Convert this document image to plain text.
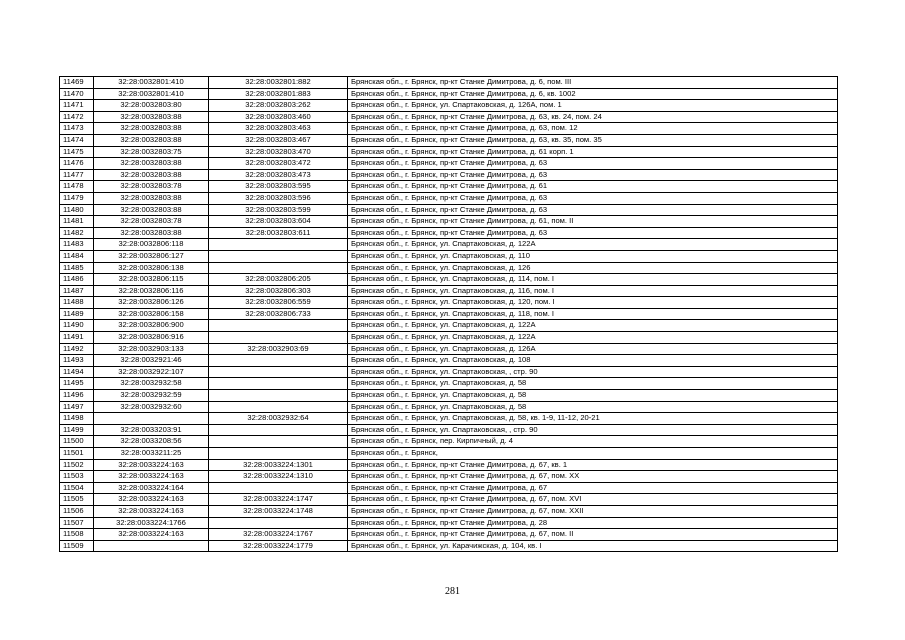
11469	32:28:0032801:410	32:28:0032801:882	Брянская обл., г. Брянск, пр-кт Станке Димитрова, д. 6, пом. III
11470	32:28:0032801:410	32:28:0032801:883	Брянская обл., г. Брянск, пр-кт Станке Димитрова, д. 6, кв. 1002
11471	32:28:0032803:80	32:28:0032803:262	Брянская обл., г. Брянск, ул. Спартаковская, д. 126А, пом. 1
11472	32:28:0032803:88	32:28:0032803:460	Брянская обл., г. Брянск, пр-кт Станке Димитрова, д. 63, кв. 24, пом. 24
11473	32:28:0032803:88	32:28:0032803:463	Брянская обл., г. Брянск, пр-кт Станке Димитрова, д. 63, пом. 12
11474	32:28:0032803:88	32:28:0032803:467	Брянская обл., г. Брянск, пр-кт Станке Димитрова, д. 63, кв. 35, пом. 35
11475	32:28:0032803:75	32:28:0032803:470	Брянская обл., г. Брянск, пр-кт Станке Димитрова, д. 61 корп. 1
11476	32:28:0032803:88	32:28:0032803:472	Брянская обл., г. Брянск, пр-кт Станке Димитрова, д. 63
11477	32:28:0032803:88	32:28:0032803:473	Брянская обл., г. Брянск, пр-кт Станке Димитрова, д. 63
11478	32:28:0032803:78	32:28:0032803:595	Брянская обл., г. Брянск, пр-кт Станке Димитрова, д. 61
11479	32:28:0032803:88	32:28:0032803:596	Брянская обл., г. Брянск, пр-кт Станке Димитрова, д. 63
11480	32:28:0032803:88	32:28:0032803:599	Брянская обл., г. Брянск, пр-кт Станке Димитрова, д. 63
11481	32:28:0032803:78	32:28:0032803:604	Брянская обл., г. Брянск, пр-кт Станке Димитрова, д. 61, пом. II
11482	32:28:0032803:88	32:28:0032803:611	Брянская обл., г. Брянск, пр-кт Станке Димитрова, д. 63
11483	32:28:0032806:118		Брянская обл., г. Брянск, ул. Спартаковская, д. 122А
11484	32:28:0032806:127		Брянская обл., г. Брянск, ул. Спартаковская, д. 110
11485	32:28:0032806:138		Брянская обл., г. Брянск, ул. Спартаковская, д. 126
11486	32:28:0032806:115	32:28:0032806:205	Брянская обл., г. Брянск, ул. Спартаковская, д. 114, пом. I
11487	32:28:0032806:116	32:28:0032806:303	Брянская обл., г. Брянск, ул. Спартаковская, д. 116, пом. I
11488	32:28:0032806:126	32:28:0032806:559	Брянская обл., г. Брянск, ул. Спартаковская, д. 120, пом. I
11489	32:28:0032806:158	32:28:0032806:733	Брянская обл., г. Брянск, ул. Спартаковская, д. 118, пом. I
11490	32:28:0032806:900		Брянская обл., г. Брянск, ул. Спартаковская, д. 122А
11491	32:28:0032806:916		Брянская обл., г. Брянск, ул. Спартаковская, д. 122А
11492	32:28:0032903:133	32:28:0032903:69	Брянская обл., г. Брянск, ул. Спартаковская, д. 126А
11493	32:28:0032921:46		Брянская обл., г. Брянск, ул. Спартаковская, д. 108
11494	32:28:0032922:107		Брянская обл., г. Брянск, ул. Спартаковская, , стр. 90
11495	32:28:0032932:58		Брянская обл., г. Брянск, ул. Спартаковская, д. 58
11496	32:28:0032932:59		Брянская обл., г. Брянск, ул. Спартаковская, д. 58
11497	32:28:0032932:60		Брянская обл., г. Брянск, ул. Спартаковская, д. 58
11498		32:28:0032932:64	Брянская обл., г. Брянск, ул. Спартаковская, д. 58, кв. 1-9, 11-12, 20-21
11499	32:28:0033203:91		Брянская обл., г. Брянск, ул. Спартаковская, , стр. 90
11500	32:28:0033208:56		Брянская обл., г. Брянск, пер. Кирпичный, д. 4
11501	32:28:0033211:25		Брянская обл., г. Брянск,
11502	32:28:0033224:163	32:28:0033224:1301	Брянская обл., г. Брянск, пр-кт Станке Димитрова, д. 67, кв. 1
11503	32:28:0033224:163	32:28:0033224:1310	Брянская обл., г. Брянск, пр-кт Станке Димитрова, д. 67, пом. XX
11504	32:28:0033224:164		Брянская обл., г. Брянск, пр-кт Станке Димитрова, д. 67
11505	32:28:0033224:163	32:28:0033224:1747	Брянская обл., г. Брянск, пр-кт Станке Димитрова, д. 67, пом. XVI
11506	32:28:0033224:163	32:28:0033224:1748	Брянская обл., г. Брянск, пр-кт Станке Димитрова, д. 67, пом. XXII
11507	32:28:0033224:1766		Брянская обл., г. Брянск, пр-кт Станке Димитрова, д. 28
11508	32:28:0033224:163	32:28:0033224:1767	Брянская обл., г. Брянск, пр-кт Станке Димитрова, д. 67, пом. II
11509		32:28:0033224:1779	Брянская обл., г. Брянск, ул. Карачижская, д. 104, кв. I
281
